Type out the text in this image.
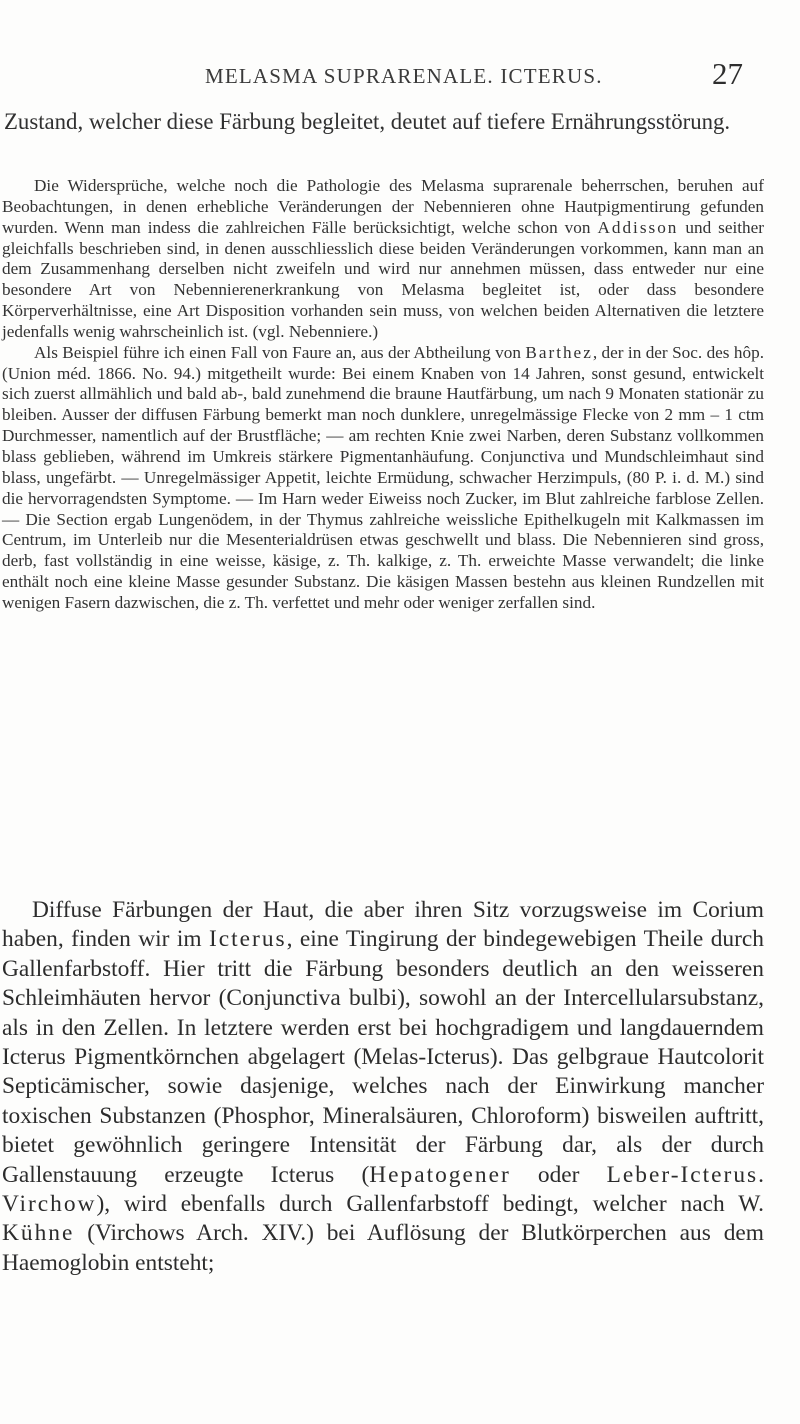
MELASMA SUPRARENALE. ICTERUS.	27

Zustand, welcher diese Färbung begleitet, deutet auf tiefere Ernährungsstörung.

Die Widersprüche, welche noch die Pathologie des Melasma suprarenale beherrschen, beruhen auf Beobachtungen, in denen erhebliche Veränderungen der Nebennieren ohne Hautpigmentirung gefunden wurden. Wenn man indess die zahlreichen Fälle berücksichtigt, welche schon von Addisson und seither gleichfalls beschrieben sind, in denen ausschliesslich diese beiden Veränderungen vorkommen, kann man an dem Zusammenhang derselben nicht zweifeln und wird nur annehmen müssen, dass entweder nur eine besondere Art von Nebennierenerkrankung von Melasma begleitet ist, oder dass besondere Körperverhältnisse, eine Art Disposition vorhanden sein muss, von welchen beiden Alternativen die letztere jedenfalls wenig wahrscheinlich ist. (vgl. Nebenniere.)

Als Beispiel führe ich einen Fall von Faure an, aus der Abtheilung von Barthez, der in der Soc. des hôp. (Union méd. 1866. No. 94.) mitgetheilt wurde: Bei einem Knaben von 14 Jahren, sonst gesund, entwickelt sich zuerst allmählich und bald ab-, bald zunehmend die braune Hautfärbung, um nach 9 Monaten stationär zu bleiben. Ausser der diffusen Färbung bemerkt man noch dunklere, unregelmässige Flecke von 2 mm – 1 ctm Durchmesser, namentlich auf der Brustfläche; — am rechten Knie zwei Narben, deren Substanz vollkommen blass geblieben, während im Umkreis stärkere Pigmentanhäufung. Conjunctiva und Mundschleimhaut sind blass, ungefärbt. — Unregelmässiger Appetit, leichte Ermüdung, schwacher Herzimpuls, (80 P. i. d. M.) sind die hervorragendsten Symptome. — Im Harn weder Eiweiss noch Zucker, im Blut zahlreiche farblose Zellen. — Die Section ergab Lungenödem, in der Thymus zahlreiche weissliche Epithelkugeln mit Kalkmassen im Centrum, im Unterleib nur die Mesenterialdrüsen etwas geschwellt und blass. Die Nebennieren sind gross, derb, fast vollständig in eine weisse, käsige, z. Th. kalkige, z. Th. erweichte Masse verwandelt; die linke enthält noch eine kleine Masse gesunder Substanz. Die käsigen Massen bestehn aus kleinen Rundzellen mit wenigen Fasern dazwischen, die z. Th. verfettet und mehr oder weniger zerfallen sind.

Diffuse Färbungen der Haut, die aber ihren Sitz vorzugsweise im Corium haben, finden wir im Icterus, eine Tingirung der bindegewebigen Theile durch Gallenfarbstoff. Hier tritt die Färbung besonders deutlich an den weisseren Schleimhäuten hervor (Conjunctiva bulbi), sowohl an der Intercellularsubstanz, als in den Zellen. In letztere werden erst bei hochgradigem und langdauerndem Icterus Pigmentkörnchen abgelagert (Melas-Icterus). Das gelbgraue Hautcolorit Septicämischer, sowie dasjenige, welches nach der Einwirkung mancher toxischen Substanzen (Phosphor, Mineralsäuren, Chloroform) bisweilen auftritt, bietet gewöhnlich geringere Intensität der Färbung dar, als der durch Gallenstauung erzeugte Icterus (Hepatogener oder Leber-Icterus. Virchow), wird ebenfalls durch Gallenfarbstoff bedingt, welcher nach W. Kühne (Virchows Arch. XIV.) bei Auflösung der Blutkörperchen aus dem Haemoglobin entsteht;
